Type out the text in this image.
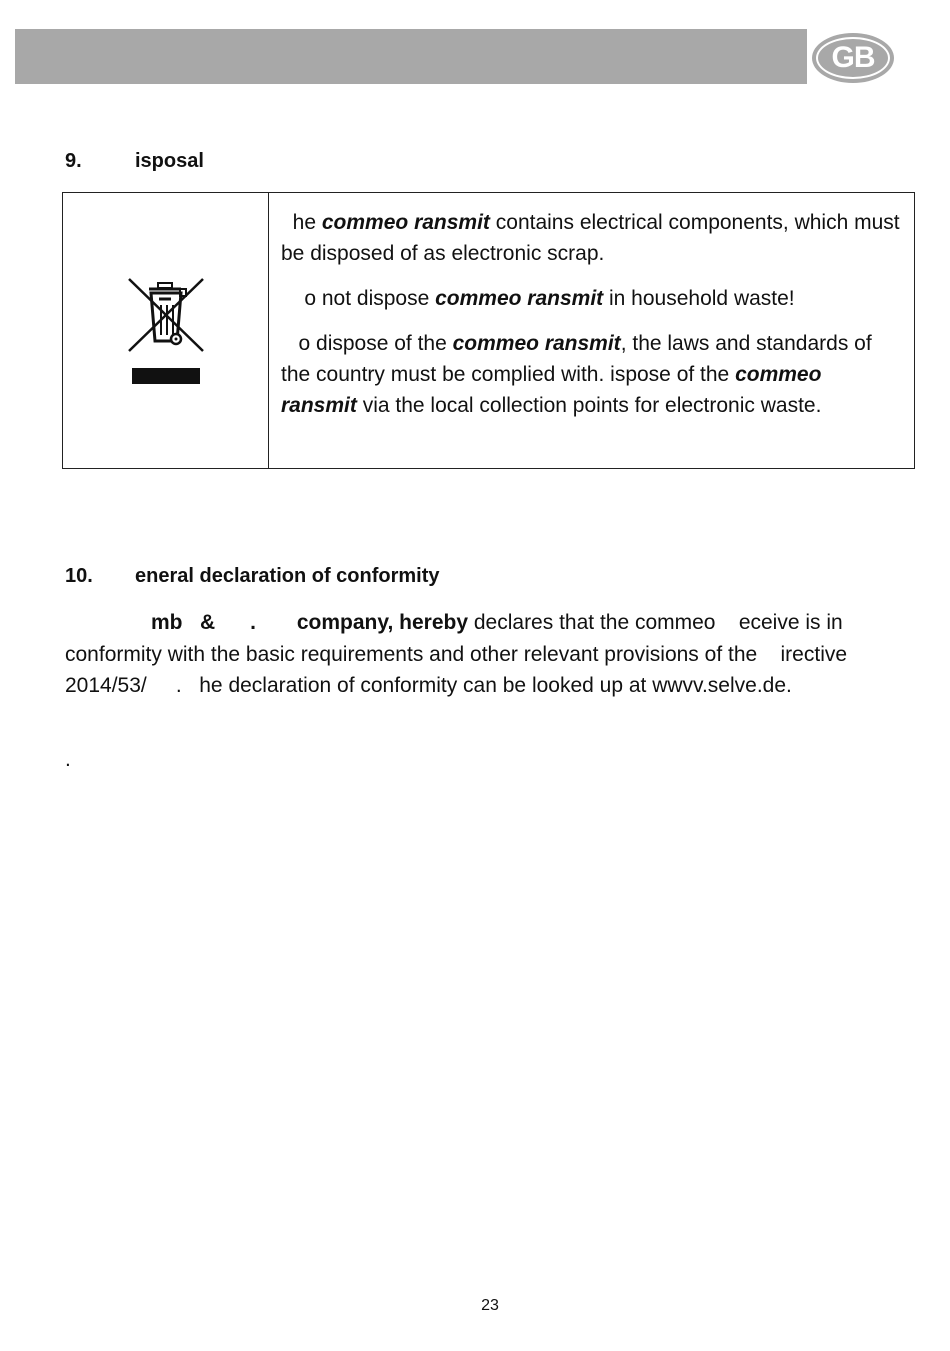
GB
9.	isposal

he commeo ransmit contains electrical components, which must be disposed of as electronic scrap.

o not dispose commeo ransmit in household waste!

o dispose of the commeo ransmit, the laws and standards of the country must be complied with. ispose of the commeo ransmit via the local collection points for electronic waste.

10.	eneral declaration of conformity
mb   &      .       company, hereby declares that the commeo    eceive is in conformity with the basic requirements and other relevant provisions of the    irective 2014/53/     .   he declaration of conformity can be looked up at wwvv.selve.de.
.
23
